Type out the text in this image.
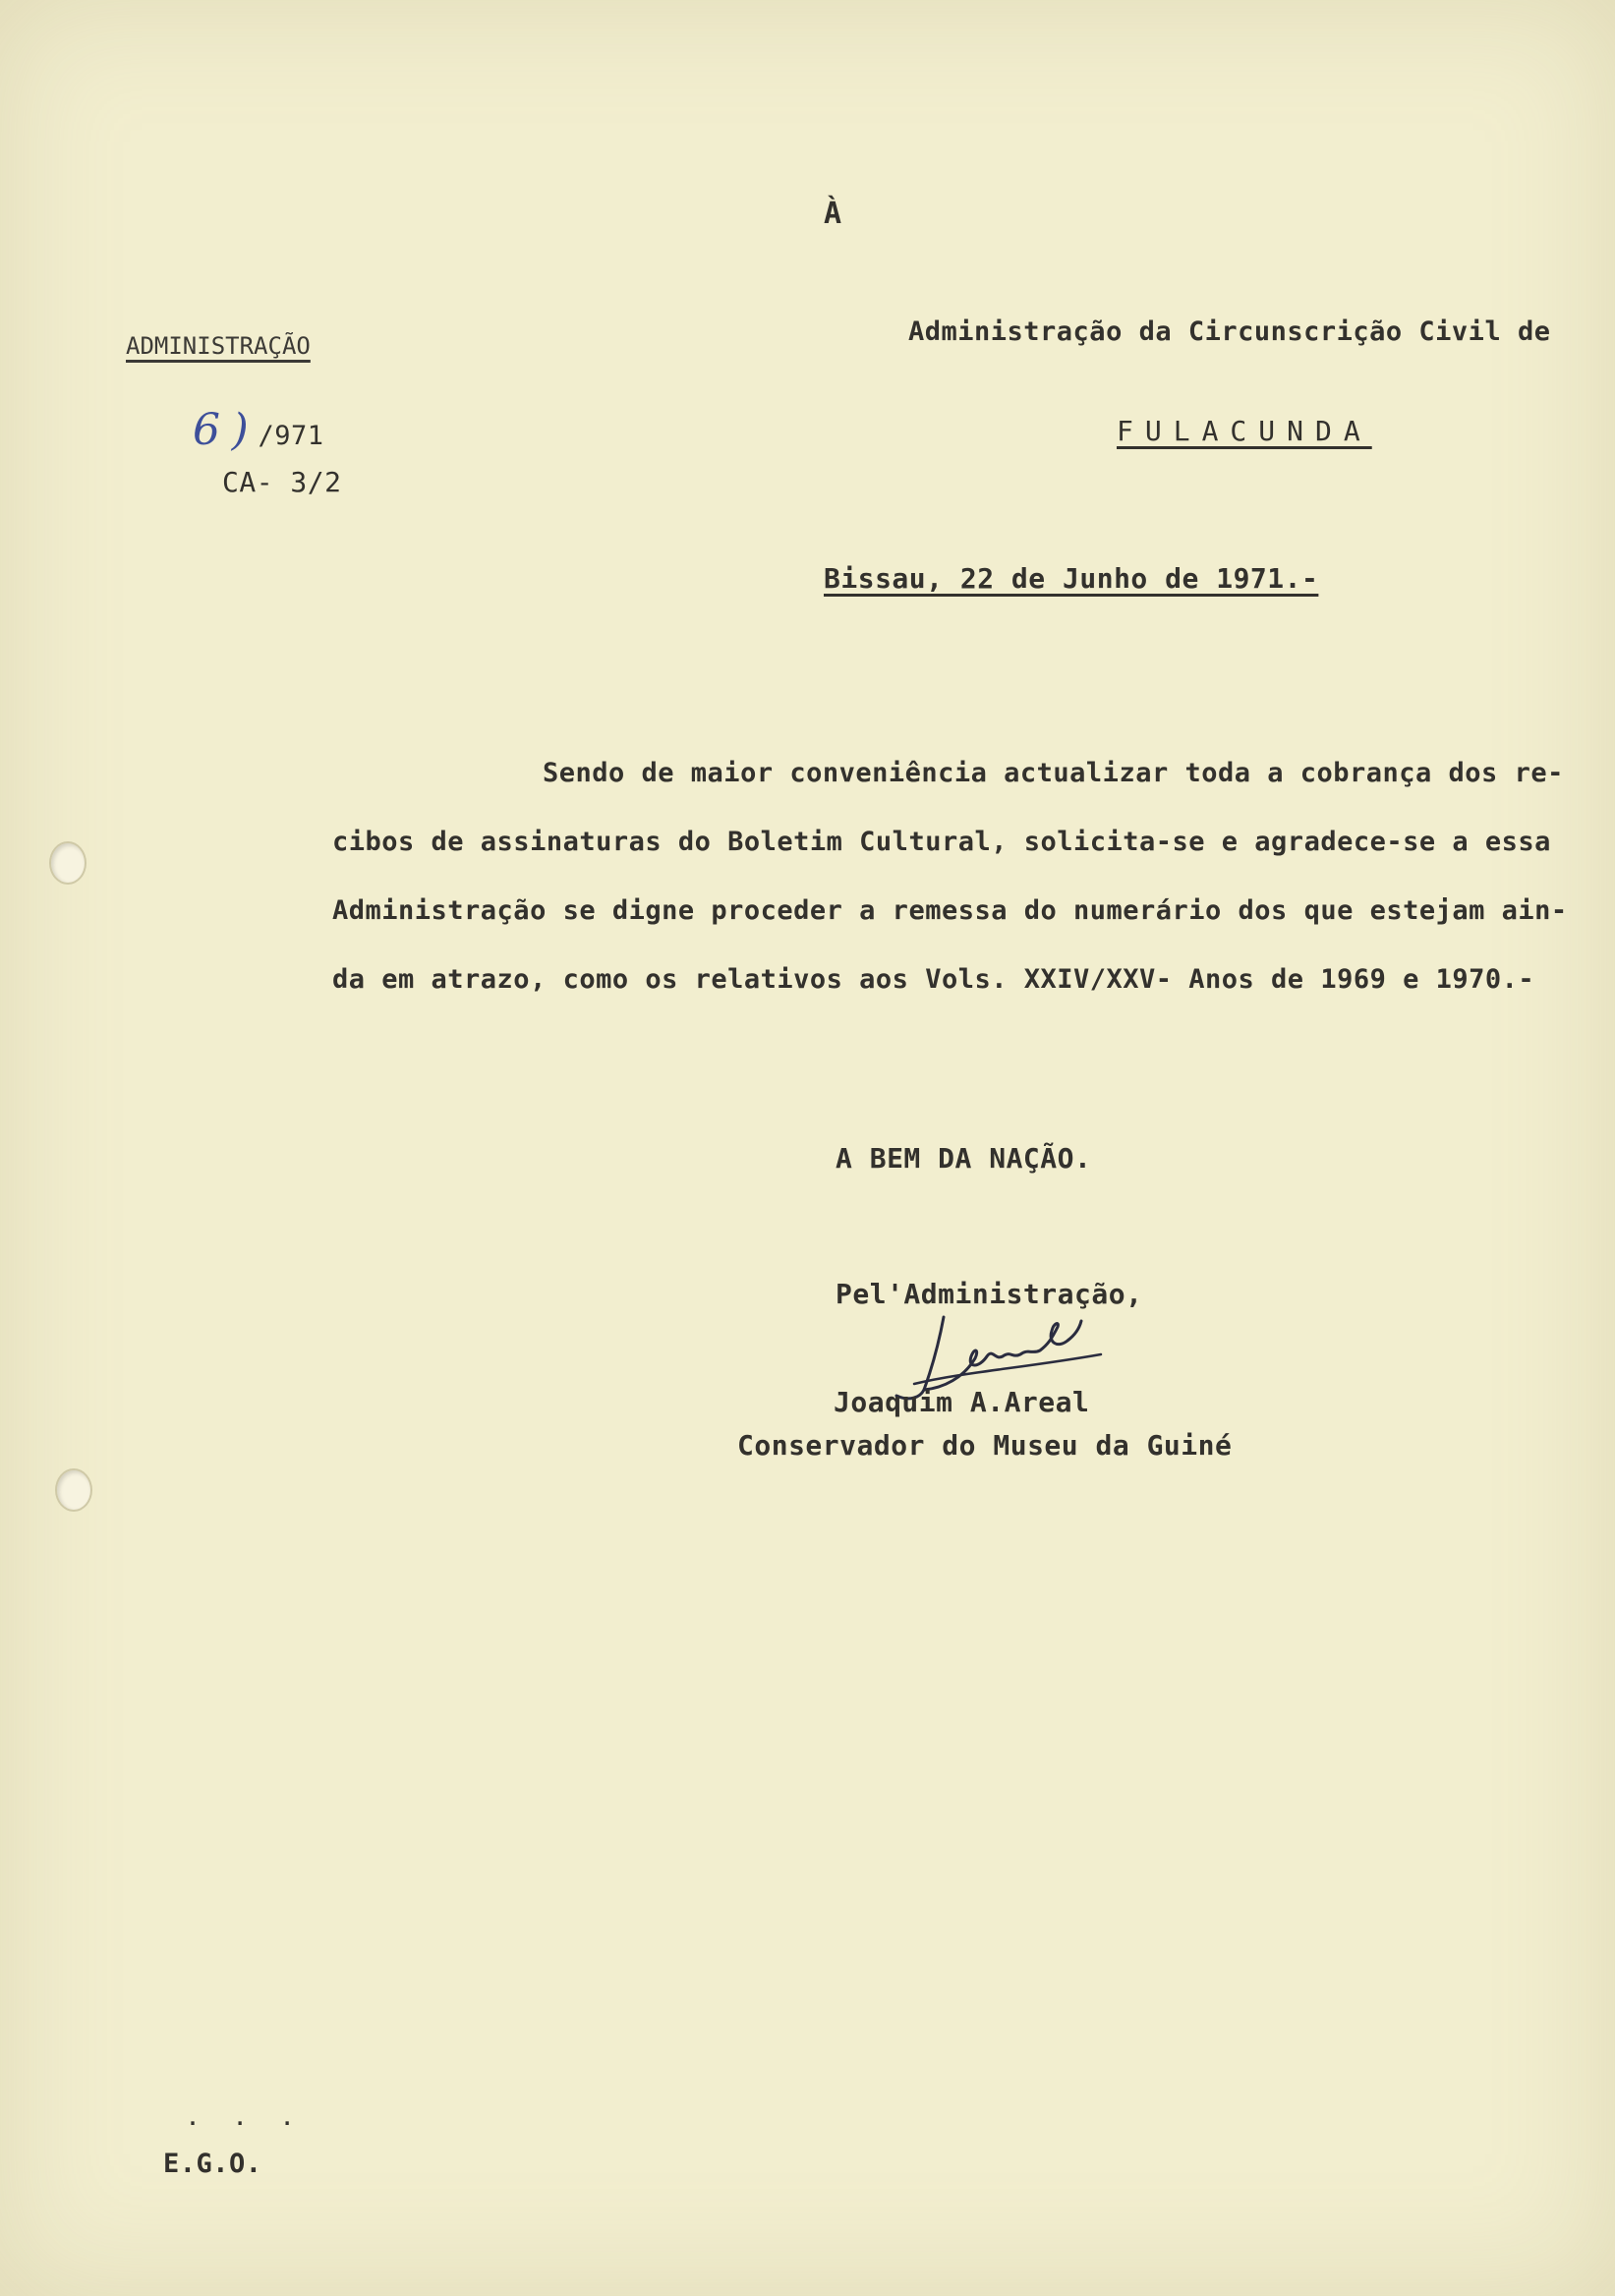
À
ADMINISTRAÇÃO
6 ) /971
CA- 3/2
Administração da Circunscrição Civil de
FULACUNDA
Bissau, 22 de Junho de 1971.-
Sendo de maior conveniência actualizar toda a cobrança dos re-
cibos de assinaturas do Boletim Cultural, solicita-se e agradece-se a essa
Administração se digne proceder a remessa do numerário dos que estejam ain-
da em atrazo, como os relativos aos Vols. XXIV/XXV- Anos de 1969 e 1970.-
A BEM DA NAÇÃO.
Pel'Administração,
Joaquim A.Areal
Conservador do Museu da Guiné
. . .
E.G.O.
